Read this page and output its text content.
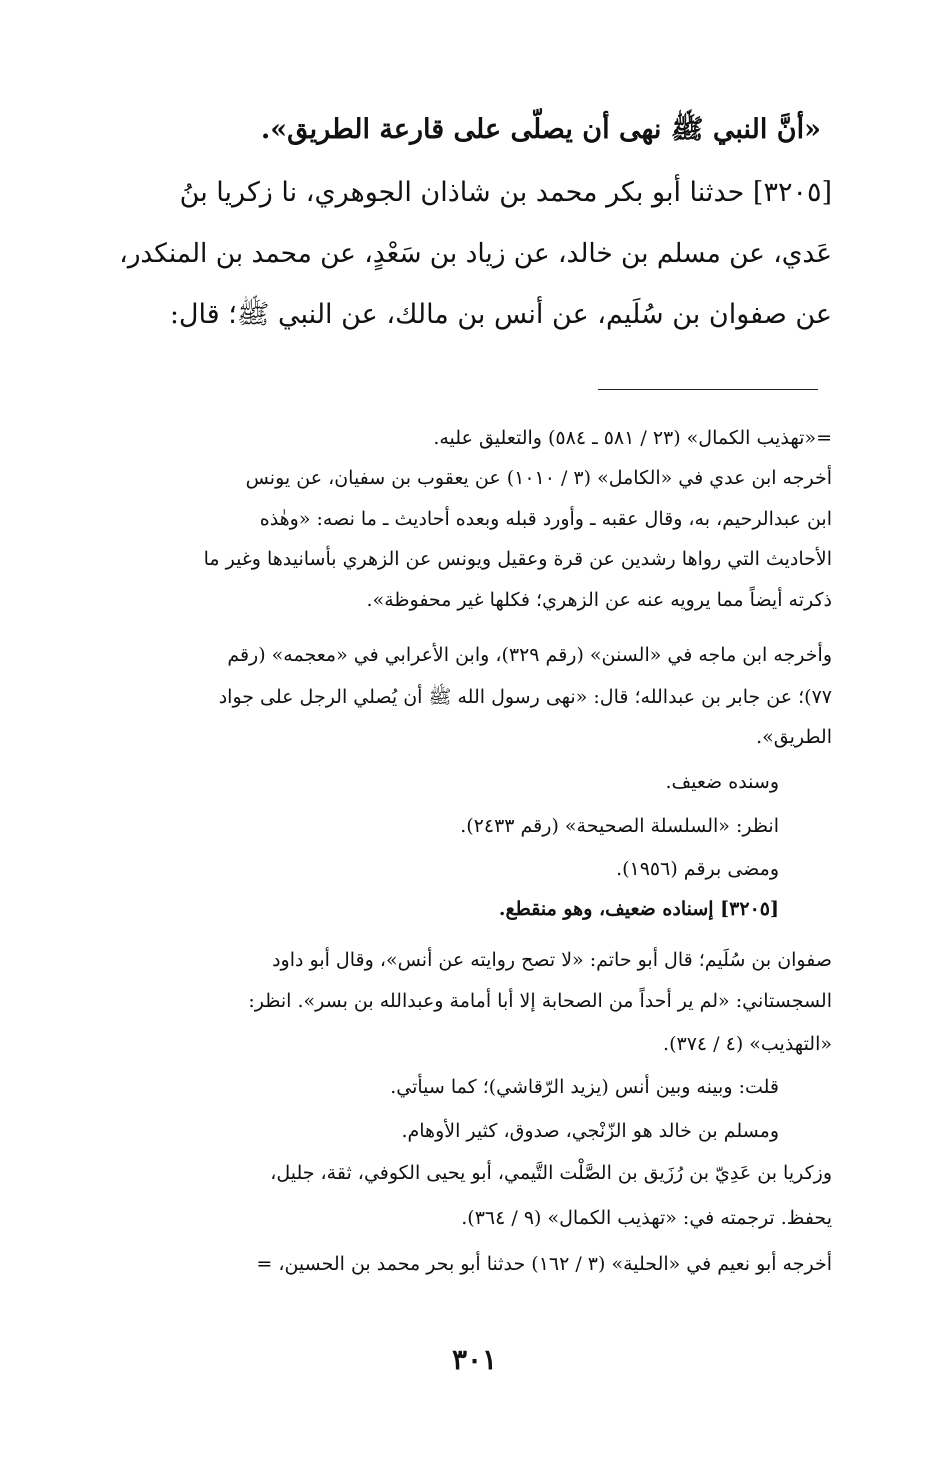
«أنَّ النبي ﷺ نهى أن يصلّى على قارعة الطريق».

[٣٢٠٥] حدثنا أبو بكر محمد بن شاذان الجوهري، نا زكريا بنُ

عَدي، عن مسلم بن خالد، عن زياد بن سَعْدٍ، عن محمد بن المنكدر،

عن صفوان بن سُلَيم، عن أنس بن مالك، عن النبي ﷺ؛ قال:

=«تهذيب الكمال» (٢٣ / ٥٨١ ـ ٥٨٤) والتعليق عليه.

أخرجه ابن عدي في «الكامل» (٣ / ١٠١٠) عن يعقوب بن سفيان، عن يونس

ابن عبدالرحيم، به، وقال عقبه ـ وأورد قبله وبعده أحاديث ـ ما نصه: «وهٰذه

الأحاديث التي رواها رشدين عن قرة وعقيل ويونس عن الزهري بأسانيدها وغير ما

ذكرته أيضاً مما يرويه عنه عن الزهري؛ فكلها غير محفوظة».

وأخرجه ابن ماجه في «السنن» (رقم ٣٢٩)، وابن الأعرابي في «معجمه» (رقم

٧٧)؛ عن جابر بن عبدالله؛ قال: «نهى رسول الله ﷺ أن يُصلي الرجل على جواد

الطريق».

وسنده ضعيف.

انظر: «السلسلة الصحيحة» (رقم ٢٤٣٣).

ومضى برقم (١٩٥٦).

[٣٢٠٥] إسناده ضعيف، وهو منقطع.

صفوان بن سُلَيم؛ قال أبو حاتم: «لا تصح روايته عن أنس»، وقال أبو داود

السجستاني: «لم ير أحداً من الصحابة إلا أبا أمامة وعبدالله بن بسر». انظر:

«التهذيب» (٤ / ٣٧٤).

قلت: وبينه وبين أنس (يزيد الرّقاشي)؛ كما سيأتي.

ومسلم بن خالد هو الزّنْجي، صدوق، كثير الأوهام.

وزكريا بن عَدِيّ بن رُزَيق بن الصَّلْت التَّيمي، أبو يحيى الكوفي، ثقة، جليل،

يحفظ. ترجمته في: «تهذيب الكمال» (٩ / ٣٦٤).

أخرجه أبو نعيم في «الحلية» (٣ / ١٦٢) حدثنا أبو بحر محمد بن الحسين، =

٣٠١
